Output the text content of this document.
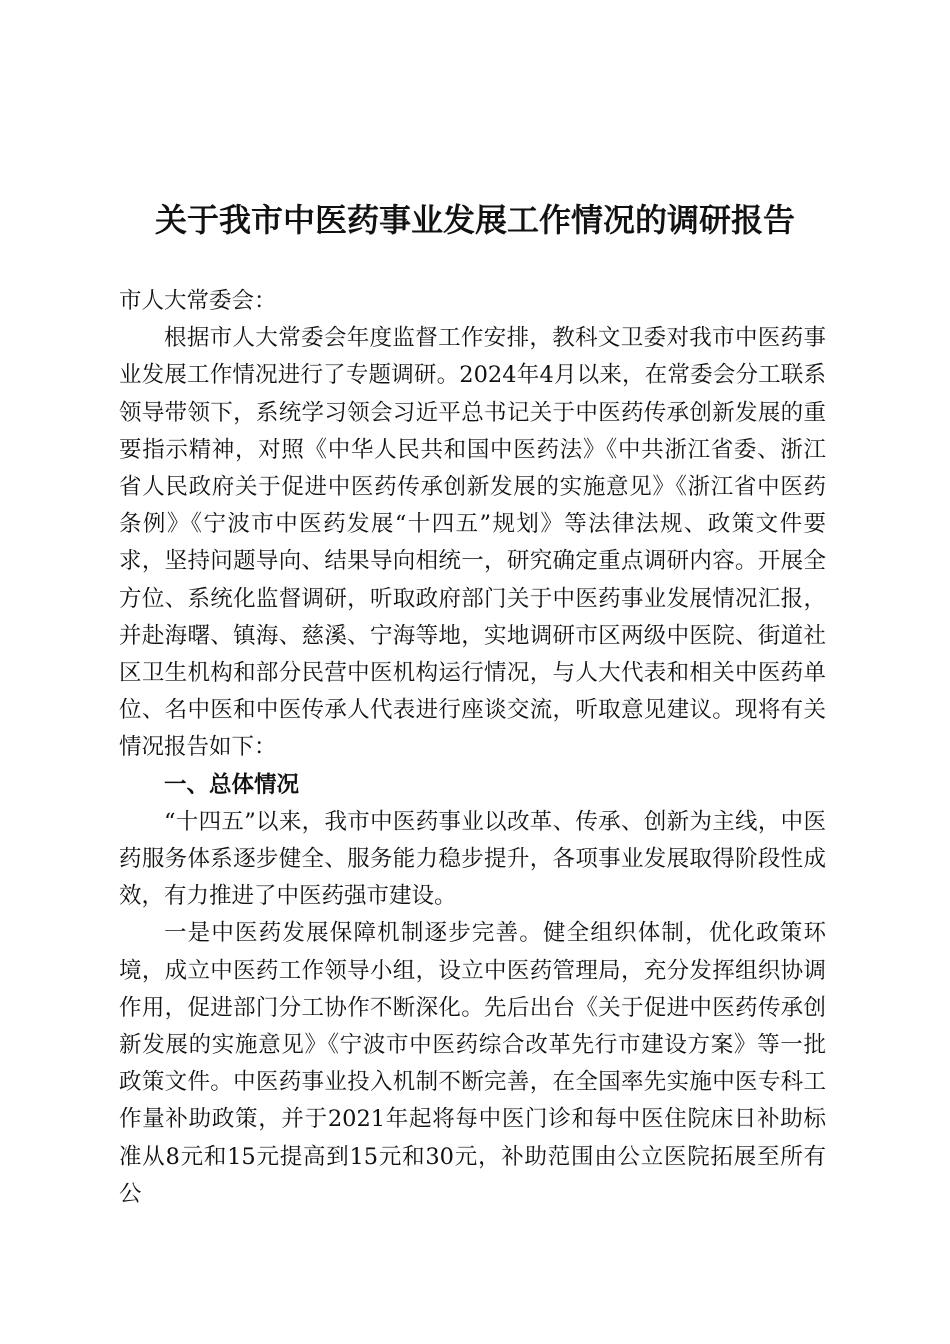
关于我市中医药事业发展工作情况的调研报告

市人大常委会：

根据市人大常委会年度监督工作安排，教科文卫委对我市中医药事业发展工作情况进行了专题调研。2024年4月以来，在常委会分工联系领导带领下，系统学习领会习近平总书记关于中医药传承创新发展的重要指示精神，对照《中华人民共和国中医药法》《中共浙江省委、浙江省人民政府关于促进中医药传承创新发展的实施意见》《浙江省中医药条例》《宁波市中医药发展“十四五”规划》等法律法规、政策文件要求，坚持问题导向、结果导向相统一，研究确定重点调研内容。开展全方位、系统化监督调研，听取政府部门关于中医药事业发展情况汇报，并赴海曙、镇海、慈溪、宁海等地，实地调研市区两级中医院、街道社区卫生机构和部分民营中医机构运行情况，与人大代表和相关中医药单位、名中医和中医传承人代表进行座谈交流，听取意见建议。现将有关情况报告如下：

一、总体情况

“十四五”以来，我市中医药事业以改革、传承、创新为主线，中医药服务体系逐步健全、服务能力稳步提升，各项事业发展取得阶段性成效，有力推进了中医药强市建设。

一是中医药发展保障机制逐步完善。健全组织体制，优化政策环境，成立中医药工作领导小组，设立中医药管理局，充分发挥组织协调作用，促进部门分工协作不断深化。先后出台《关于促进中医药传承创新发展的实施意见》《宁波市中医药综合改革先行市建设方案》等一批政策文件。中医药事业投入机制不断完善，在全国率先实施中医专科工作量补助政策，并于2021年起将每中医门诊和每中医住院床日补助标准从8元和15元提高到15元和30元，补助范围由公立医院拓展至所有公
